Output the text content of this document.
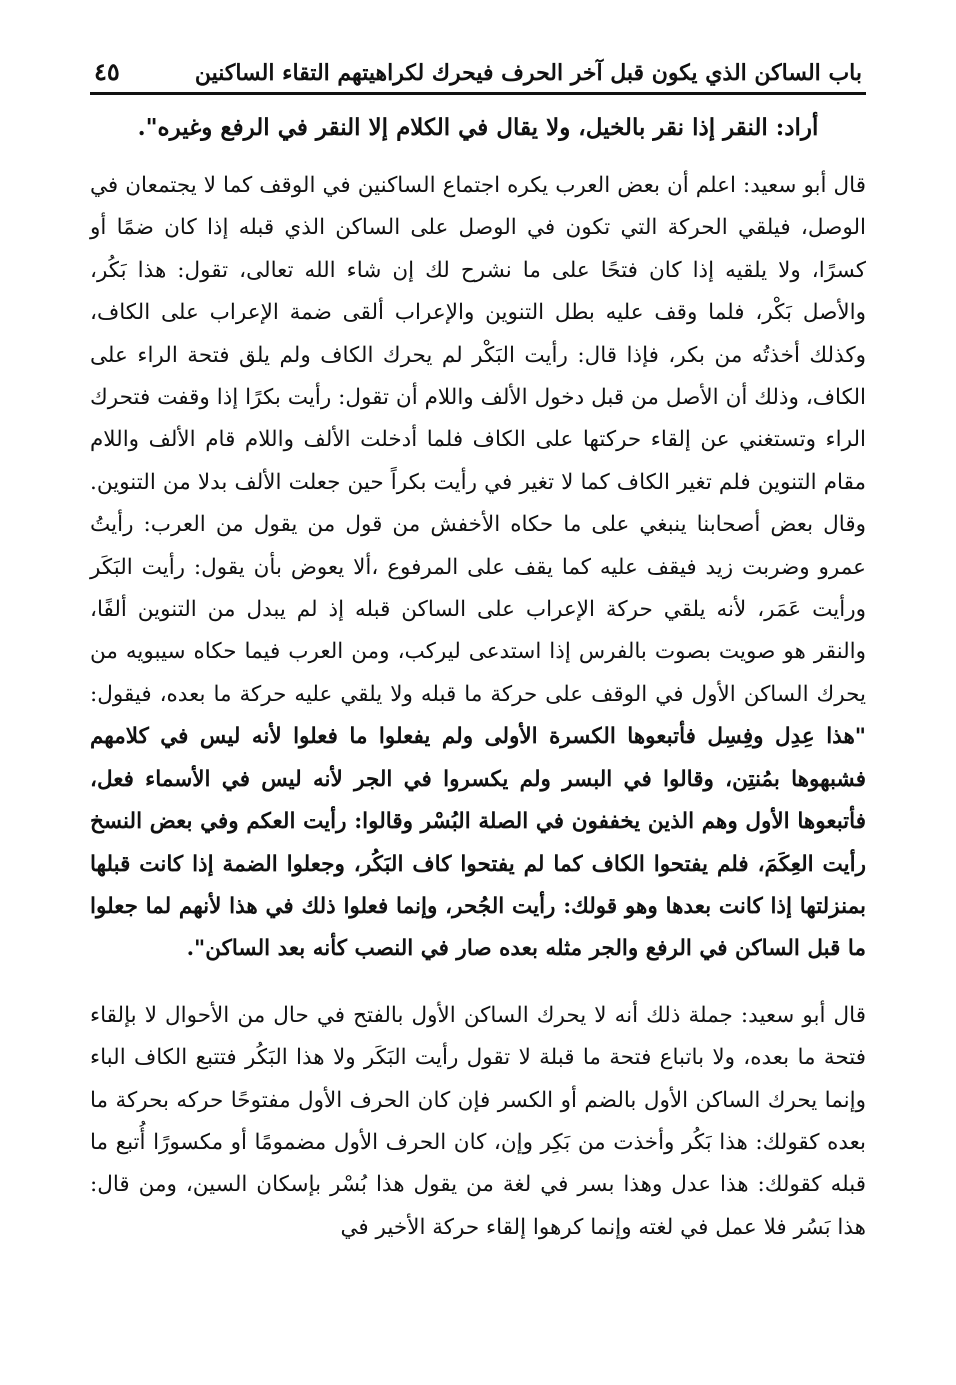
باب الساكن الذي يكون قبل آخر الحرف فيحرك لكراهيتهم التقاء الساكنين
٤٥
أراد: النقر إذا نقر بالخيل، ولا يقال في الكلام إلا النقر في الرفع وغيره".

قال أبو سعيد: اعلم أن بعض العرب يكره اجتماع الساكنين في الوقف كما لا يجتمعان في الوصل، فيلقي الحركة التي تكون في الوصل على الساكن الذي قبله إذا كان ضمًا أو كسرًا، ولا يلقيه إذا كان فتحًا على ما نشرح لك إن شاء الله تعالى، تقول: هذا بَكُر، والأصل بَكْر، فلما وقف عليه بطل التنوين والإعراب ألقى ضمة الإعراب على الكاف، وكذلك أخذتُه من بكر، فإذا قال: رأيت البَكْر لم يحرك الكاف ولم يلق فتحة الراء على الكاف، وذلك أن الأصل من قبل دخول الألف واللام أن تقول: رأيت بكرًا إذا وقفت فتحرك الراء وتستغني عن إلقاء حركتها على الكاف فلما أدخلت الألف واللام قام الألف واللام مقام التنوين فلم تغير الكاف كما لا تغير في رأيت بكراً حين جعلت الألف بدلا من التنوين. وقال بعض أصحابنا ينبغي على ما حكاه الأخفش من قول من يقول من العرب: رأيتُ عمرو وضربت زيد فيقف عليه كما يقف على المرفوع ،ألا يعوض بأن يقول: رأيت البَكَر ورأيت عَمَر، لأنه يلقي حركة الإعراب على الساكن قبله إذ لم يبدل من التنوين ألفًا، والنقر هو صويت بصوت بالفرس إذا استدعى ليركب، ومن العرب فيما حكاه سيبويه من يحرك الساكن الأول في الوقف على حركة ما قبله ولا يلقي عليه حركة ما بعده، فيقول: "هذا عِدِل وفِسِل فأتبعوها الكسرة الأولى ولم يفعلوا ما فعلوا لأنه ليس في كلامهم فشبهوها بمُنتِن، وقالوا في البسر ولم يكسروا في الجر لأنه ليس في الأسماء فعل، فأتبعوها الأول وهم الذين يخففون في الصلة البُسْر وقالوا: رأيت العكم وفي بعض النسخ رأيت العِكَمَ، فلم يفتحوا الكاف كما لم يفتحوا كاف البَكُر، وجعلوا الضمة إذا كانت قبلها بمنزلتها إذا كانت بعدها وهو قولك: رأيت الجُحر، وإنما فعلوا ذلك في هذا لأنهم لما جعلوا ما قبل الساكن في الرفع والجر مثله بعده صار في النصب كأنه بعد الساكن".

قال أبو سعيد: جملة ذلك أنه لا يحرك الساكن الأول بالفتح في حال من الأحوال لا بإلقاء فتحة ما بعده، ولا باتباع فتحة ما قبلة لا تقول رأيت البَكَر ولا هذا البَكُر فتتبع الكاف الباء وإنما يحرك الساكن الأول بالضم أو الكسر فإن كان الحرف الأول مفتوحًا حركه بحركة ما بعده كقولك: هذا بَكُر وأخذت من بَكِر وإن، كان الحرف الأول مضمومًا أو مكسورًا أُتبع ما قبله كقولك: هذا عدل وهذا بسر في لغة من يقول هذا بُسْر بإسكان السين، ومن قال: هذا بَسُر فلا عمل في لغته وإنما كرهوا إلقاء حركة الأخير في
